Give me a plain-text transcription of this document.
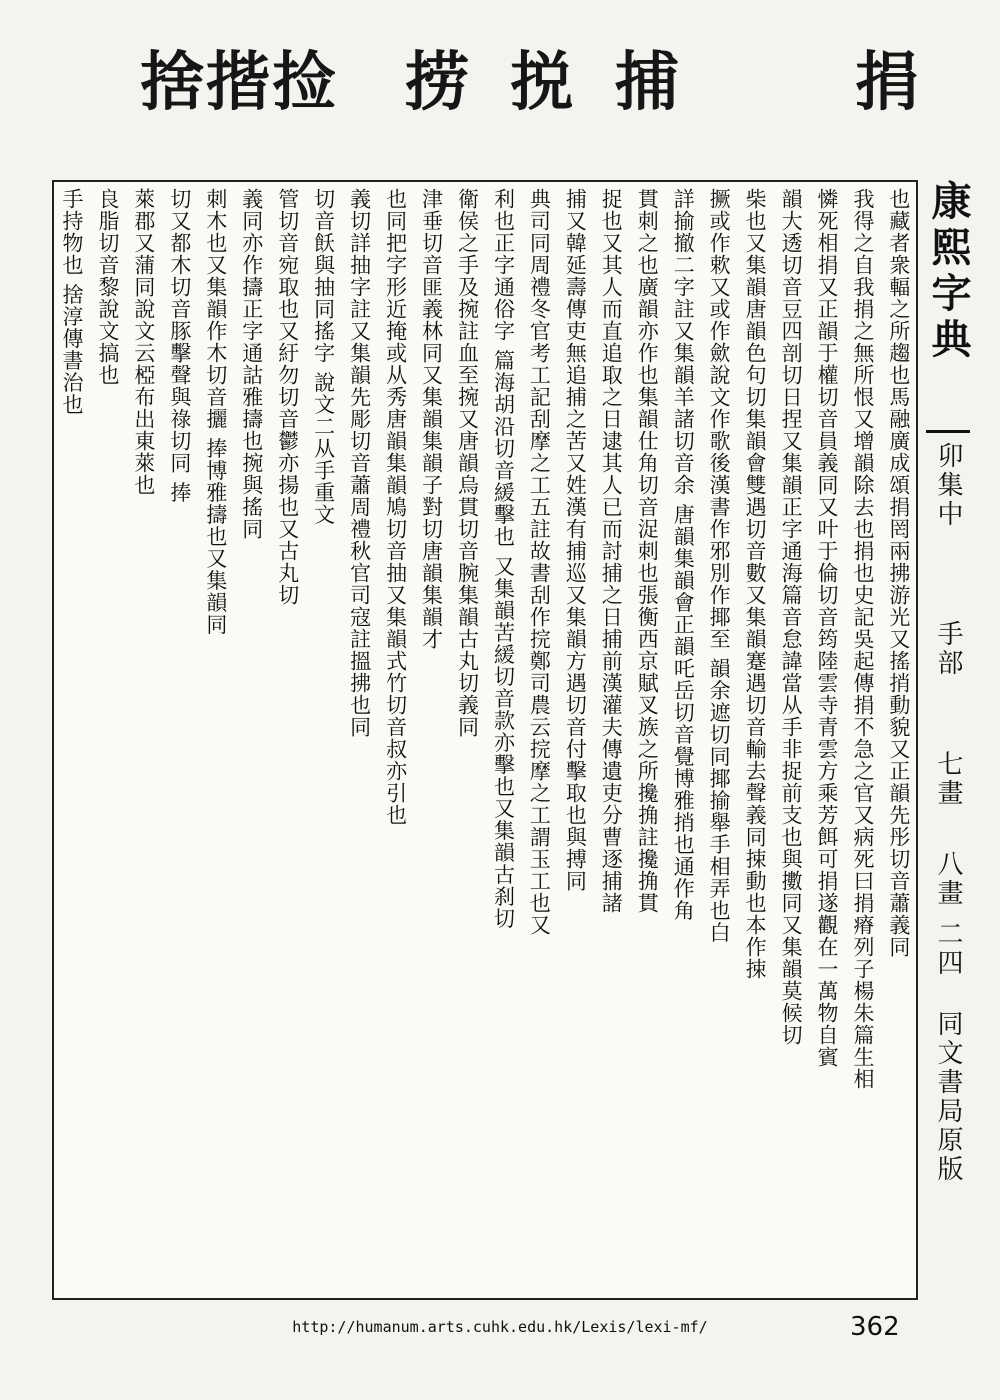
捨揩捡 捞 捝 捕	捐
也藏者衆輻之所趨也馬融廣成頌捐罔兩拂游光又搖捎動貌又正韻先彤切音蕭義同
我得之自我捐之無所恨又增韻除去也捐也史記吳起傳捐不急之官又病死曰捐瘠列子楊朱篇生相
憐死相捐又正韻于權切音員義同又叶于倫切音筠陸雲寺青雲方乘芳餌可捐遂觀在一萬物自賓
韻大透切音豆四剖切日捏又集韻正字通海篇音怠諱當从手非捉前支也與擻同又集韻莫候切
柴也又集韻唐韻色句切集韻會雙遇切音數又集韻蹇遇切音輸去聲義同捒動也本作捒
撅或作欶又或作歛說文作歌後漢書作邪別作揶至 韻余遮切同揶揄舉手相弄也白
詳揄撤二字註又集韻羊諸切音余 唐韻集韻會正韻吒岳切音覺博雅捎也通作角
貫刺之也廣韻亦作也集韻仕角切音浞刺也張衡西京賦叉族之所攙捔註攙捔貫
捉也又其人而直追取之日逮其人已而討捕之日捕前漢灌夫傳遺吏分曹逐捕諸
捕又韓延壽傳吏無追捕之苦又姓漢有捕巡又集韻方遇切音付擊取也與搏同
典司同周禮冬官考工記刮摩之工五註故書刮作捖鄭司農云捖摩之工謂玉工也又
利也正字通俗字 篇海胡沿切音緩擊也 又集韻苦緩切音款亦擊也又集韻古刹切
衛侯之手及捥註血至捥又唐韻烏貫切音腕集韻古丸切義同
津垂切音匪義林同又集韻集韻子對切唐韻集韻才
也同把字形近掩或从秀唐韻集韻鳩切音抽又集韻式竹切音叔亦引也
義切詳抽字註又集韻先彫切音蕭周禮秋官司寇註搵拂也同
切音飫與抽同搖字 說文二从手重文
管切音宛取也又紆勿切音鬱亦揚也又古丸切
義同亦作擣正字通詁雅擣也捥與搖同
刺木也又集韻作木切音攦 捧博雅擣也又集韻同
切又都木切音豚擊聲與祿切同 捧
萊郡又蒲同說文云椏布出東萊也
良脂切音黎說文搞也
手持物也 捨淳傳書治也	康熙字典
卯集中
手部
七畫
八畫
二四
同文書局原版
http://humanum.arts.cuhk.edu.hk/Lexis/lexi-mf/	362
